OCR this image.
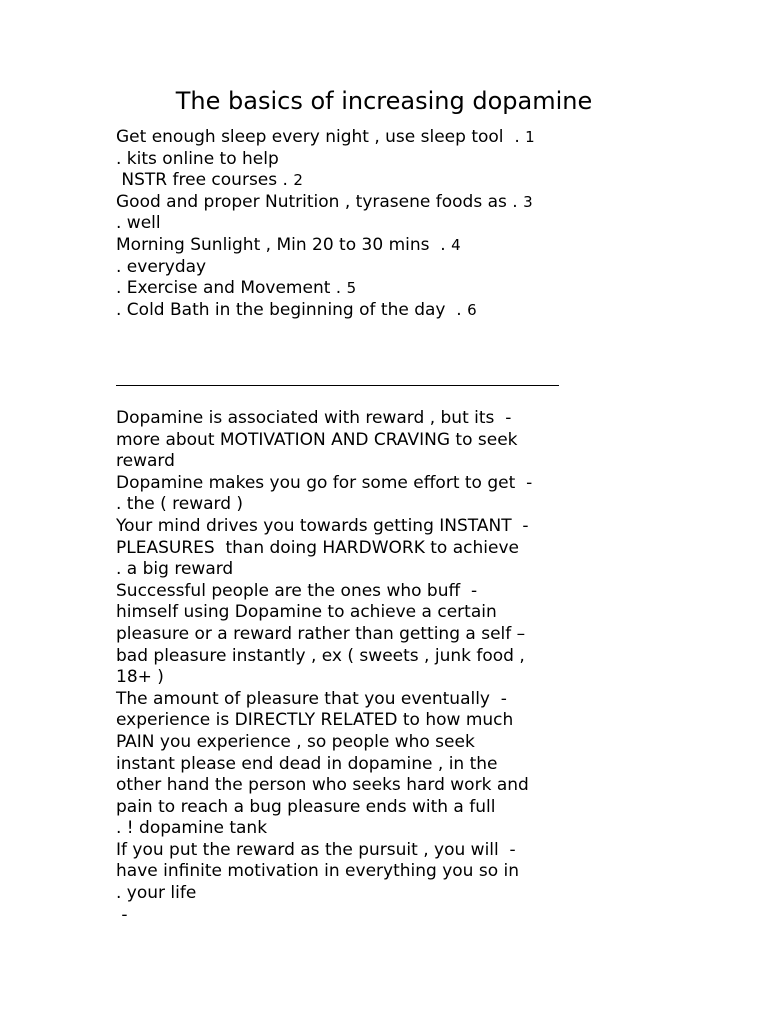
The basics of increasing dopamine
Get enough sleep every night , use sleep tool  . 1
. kits online to help
NSTR free courses . 2
Good and proper Nutrition , tyrasene foods as . 3
. well
Morning Sunlight , Min 20 to 30 mins  . 4
. everyday
. Exercise and Movement . 5
. Cold Bath in the beginning of the day  . 6
Dopamine is associated with reward , but its  -
more about MOTIVATION AND CRAVING to seek
reward
Dopamine makes you go for some effort to get  -
. the ( reward )
Your mind drives you towards getting INSTANT  -
PLEASURES  than doing HARDWORK to achieve
. a big reward
Successful people are the ones who buff  -
himself using Dopamine to achieve a certain
pleasure or a reward rather than getting a self –
bad pleasure instantly , ex ( sweets , junk food ,
18+ )
The amount of pleasure that you eventually  -
experience is DIRECTLY RELATED to how much
PAIN you experience , so people who seek
instant please end dead in dopamine , in the
other hand the person who seeks hard work and
pain to reach a bug pleasure ends with a full
. ! dopamine tank
If you put the reward as the pursuit , you will  -
have infinite motivation in everything you so in
. your life
-
